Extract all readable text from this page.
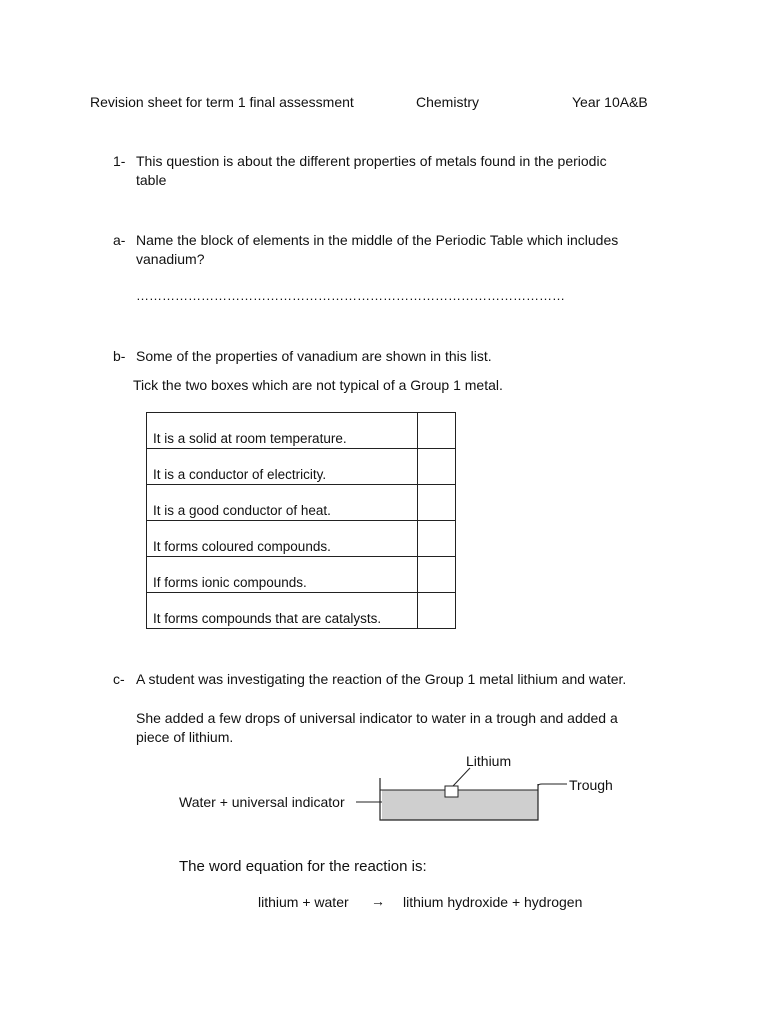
Revision sheet for term 1 final assessment	Chemistry	Year 10A&B
1- This question is about the different properties of metals found in the periodic
table
a- Name the block of elements in the middle of the Periodic Table which includes
vanadium?
………………………………………………………………………………………
b- Some of the properties of vanadium are shown in this list.
Tick the two boxes which are not typical of a Group 1 metal.
It is a solid at room temperature.	
It is a conductor of electricity.	
It is a good conductor of heat.	
It forms coloured compounds.	
If forms ionic compounds.	
It forms compounds that are catalysts.	
c- A student was investigating the reaction of the Group 1 metal lithium and water.
She added a few drops of universal indicator to water in a trough and added a
piece of lithium.
Lithium
Trough
Water + universal indicator
The word equation for the reaction is:
lithium + water → lithium hydroxide + hydrogen
